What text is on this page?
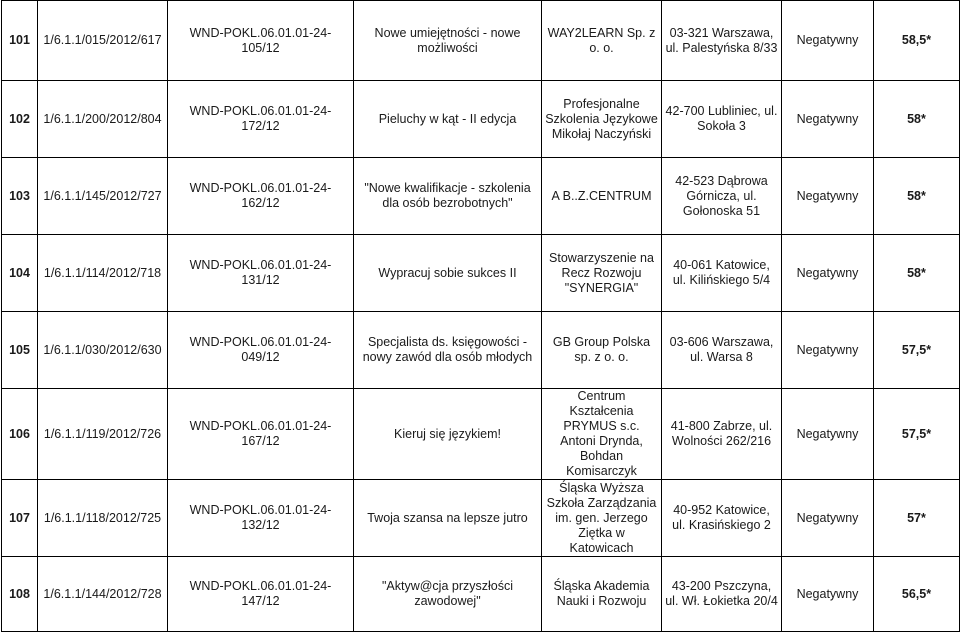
101	1/6.1.1/015/2012/617	WND-POKL.06.01.01-24-105/12	Nowe umiejętności - nowe możliwości	WAY2LEARN Sp. z o. o.	03-321 Warszawa, ul. Palestyńska 8/33	Negatywny	58,5*
102	1/6.1.1/200/2012/804	WND-POKL.06.01.01-24-172/12	Pieluchy w kąt - II edycja	Profesjonalne Szkolenia Językowe Mikołaj Naczyński	42-700 Lubliniec, ul. Sokoła 3	Negatywny	58*
103	1/6.1.1/145/2012/727	WND-POKL.06.01.01-24-162/12	"Nowe kwalifikacje - szkolenia dla osób bezrobotnych"	A B..Z.CENTRUM	42-523 Dąbrowa Górnicza, ul. Gołonoska 51	Negatywny	58*
104	1/6.1.1/114/2012/718	WND-POKL.06.01.01-24-131/12	Wypracuj sobie sukces II	Stowarzyszenie na Recz Rozwoju "SYNERGIA"	40-061 Katowice, ul. Kilińskiego 5/4	Negatywny	58*
105	1/6.1.1/030/2012/630	WND-POKL.06.01.01-24-049/12	Specjalista ds. księgowości - nowy zawód dla osób młodych	GB Group Polska sp. z o. o.	03-606 Warszawa, ul. Warsa 8	Negatywny	57,5*
106	1/6.1.1/119/2012/726	WND-POKL.06.01.01-24-167/12	Kieruj się językiem!	Centrum Kształcenia PRYMUS s.c. Antoni Drynda, Bohdan Komisarczyk	41-800 Zabrze, ul. Wolności 262/216	Negatywny	57,5*
107	1/6.1.1/118/2012/725	WND-POKL.06.01.01-24-132/12	Twoja szansa na lepsze jutro	Śląska Wyższa Szkoła Zarządzania im. gen. Jerzego Ziętka w Katowicach	40-952 Katowice, ul. Krasińskiego 2	Negatywny	57*
108	1/6.1.1/144/2012/728	WND-POKL.06.01.01-24-147/12	"Aktyw@cja przyszłości zawodowej"	Śląska Akademia Nauki i Rozwoju	43-200 Pszczyna, ul. Wł. Łokietka 20/4	Negatywny	56,5*
